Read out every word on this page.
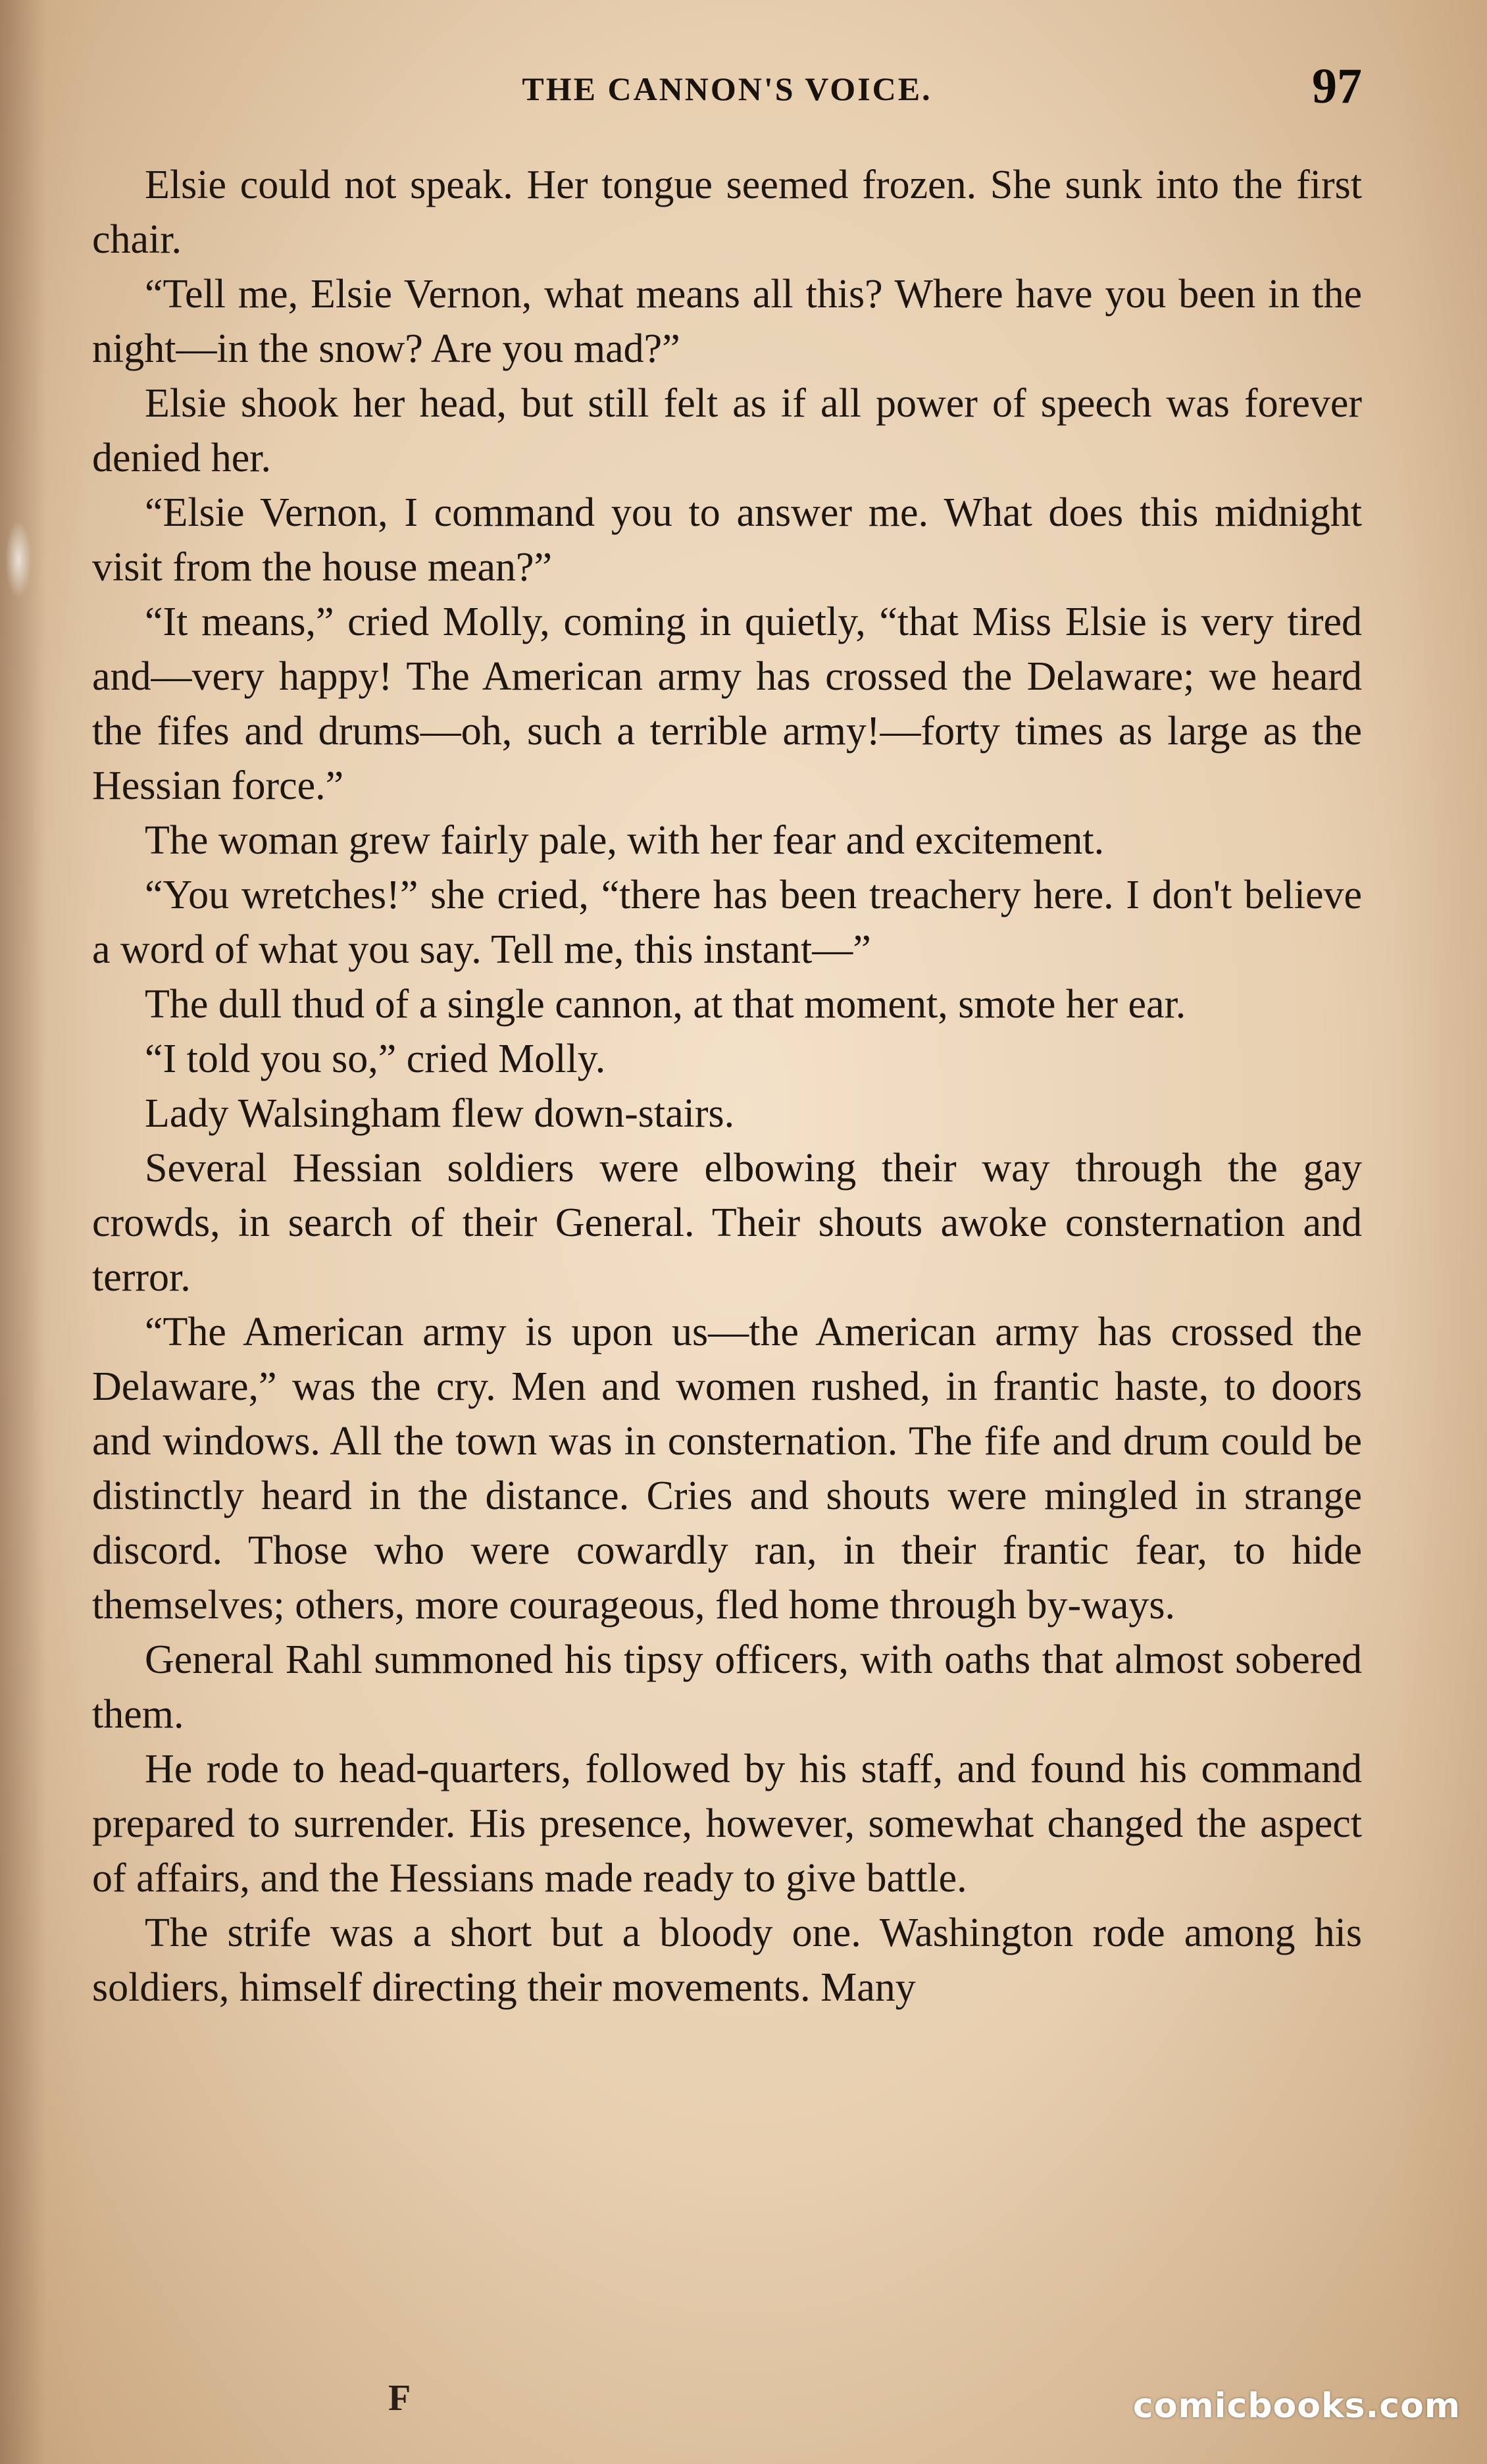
THE CANNON'S VOICE.	97

Elsie could not speak. Her tongue seemed frozen. She sunk into the first chair.

“Tell me, Elsie Vernon, what means all this? Where have you been in the night—in the snow? Are you mad?”

Elsie shook her head, but still felt as if all power of speech was forever denied her.

“Elsie Vernon, I command you to answer me. What does this midnight visit from the house mean?”

“It means,” cried Molly, coming in quietly, “that Miss Elsie is very tired and—very happy! The American army has crossed the Delaware; we heard the fifes and drums—oh, such a terrible army!—forty times as large as the Hessian force.”

The woman grew fairly pale, with her fear and excitement.

“You wretches!” she cried, “there has been treachery here. I don't believe a word of what you say. Tell me, this instant—”

The dull thud of a single cannon, at that moment, smote her ear.

“I told you so,” cried Molly.

Lady Walsingham flew down-stairs.

Several Hessian soldiers were elbowing their way through the gay crowds, in search of their General. Their shouts awoke consternation and terror.

“The American army is upon us—the American army has crossed the Delaware,” was the cry. Men and women rushed, in frantic haste, to doors and windows. All the town was in consternation. The fife and drum could be distinctly heard in the distance. Cries and shouts were mingled in strange discord. Those who were cowardly ran, in their frantic fear, to hide themselves; others, more courageous, fled home through by-ways.

General Rahl summoned his tipsy officers, with oaths that almost sobered them.

He rode to head-quarters, followed by his staff, and found his command prepared to surrender. His presence, however, somewhat changed the aspect of affairs, and the Hessians made ready to give battle.

The strife was a short but a bloody one. Washington rode among his soldiers, himself directing their movements. Many

F	comicbooks.com
